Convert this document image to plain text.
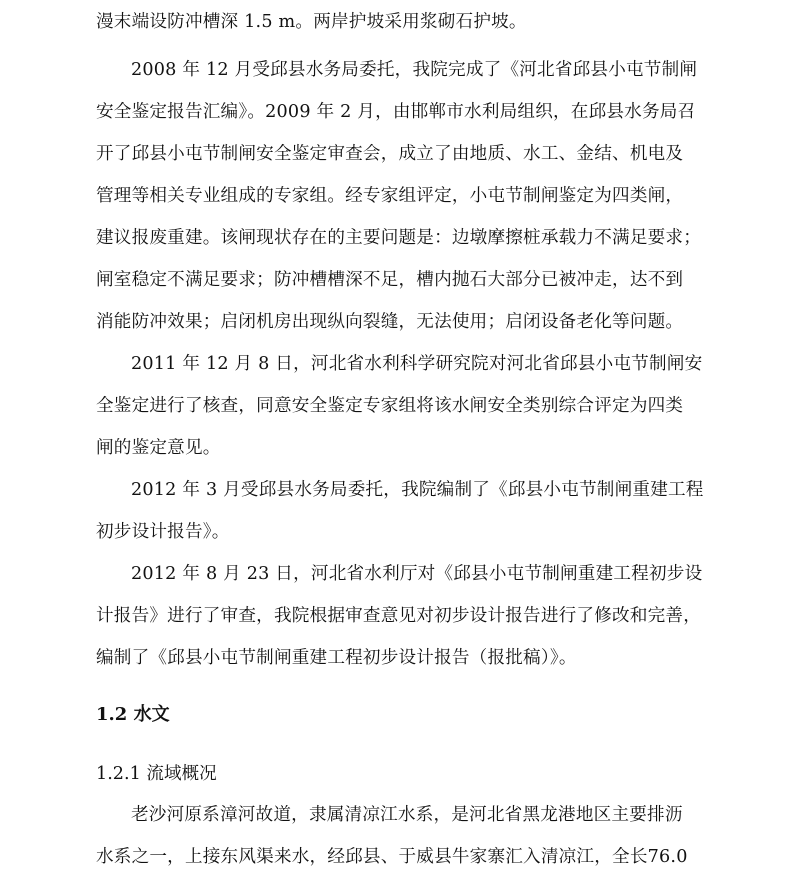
漫末端设防冲槽深 1.5 m。两岸护坡采用浆砌石护坡。
2008 年 12 月受邱县水务局委托，我院完成了《河北省邱县小屯节制闸
安全鉴定报告汇编》。2009 年 2 月，由邯郸市水利局组织，在邱县水务局召
开了邱县小屯节制闸安全鉴定审查会，成立了由地质、水工、金结、机电及
管理等相关专业组成的专家组。经专家组评定，小屯节制闸鉴定为四类闸，
建议报废重建。该闸现状存在的主要问题是：边墩摩擦桩承载力不满足要求；
闸室稳定不满足要求；防冲槽槽深不足，槽内抛石大部分已被冲走，达不到
消能防冲效果；启闭机房出现纵向裂缝，无法使用；启闭设备老化等问题。
2011 年 12 月 8 日，河北省水利科学研究院对河北省邱县小屯节制闸安
全鉴定进行了核查，同意安全鉴定专家组将该水闸安全类别综合评定为四类
闸的鉴定意见。
2012 年 3 月受邱县水务局委托，我院编制了《邱县小屯节制闸重建工程
初步设计报告》。
2012 年 8 月 23 日，河北省水利厅对《邱县小屯节制闸重建工程初步设
计报告》进行了审查，我院根据审查意见对初步设计报告进行了修改和完善，
编制了《邱县小屯节制闸重建工程初步设计报告（报批稿）》。
1.2 水文
1.2.1 流域概况
老沙河原系漳河故道，隶属清凉江水系，是河北省黑龙港地区主要排沥
水系之一，上接东风渠来水，经邱县、于威县牛家寨汇入清凉江，全长76.0
